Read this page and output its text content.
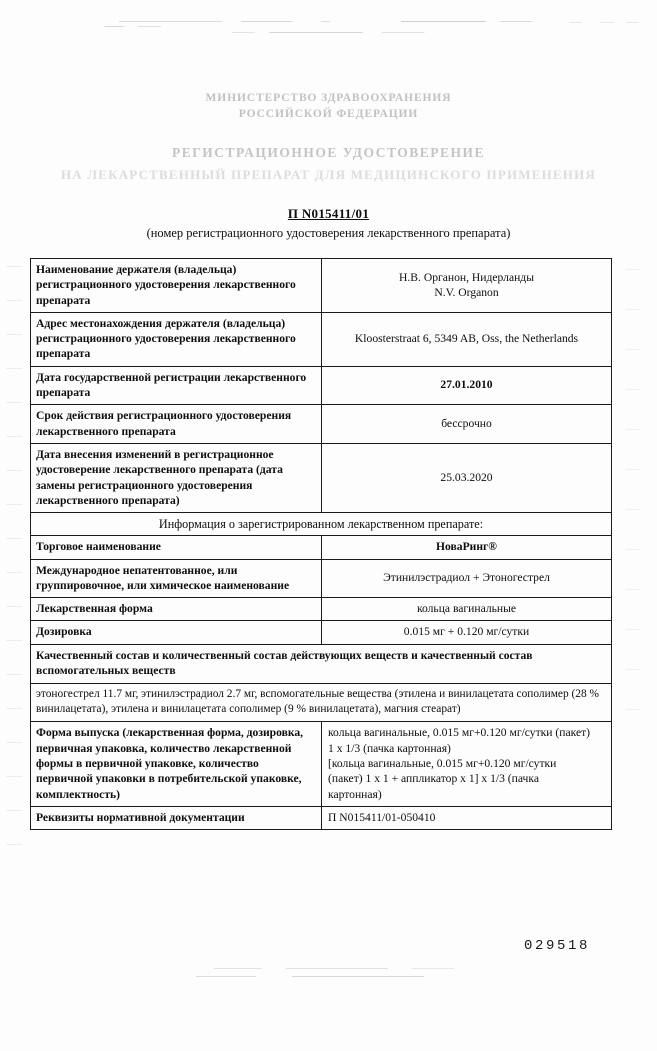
МИНИСТЕРСТВО ЗДРАВООХРАНЕНИЯ
РОССИЙСКОЙ ФЕДЕРАЦИИ
РЕГИСТРАЦИОННОЕ УДОСТОВЕРЕНИЕ
НА ЛЕКАРСТВЕННЫЙ ПРЕПАРАТ ДЛЯ МЕДИЦИНСКОГО ПРИМЕНЕНИЯ
П N015411/01
(номер регистрационного удостоверения лекарственного препарата)
Наименование держателя (владельца) регистрационного удостоверения лекарственного препарата	Н.В. Органон, Нидерланды
N.V. Organon

Адрес местонахождения держателя (владельца) регистрационного удостоверения лекарственного препарата	Kloosterstraat 6, 5349 AB, Oss, the Netherlands
Дата государственной регистрации лекарственного препарата	27.01.2010
Срок действия регистрационного удостоверения лекарственного препарата	бессрочно
Дата внесения изменений в регистрационное удостоверение лекарственного препарата (дата замены регистрационного удостоверения лекарственного препарата)	25.03.2020
Информация о зарегистрированном лекарственном препарате:	
Торговое наименование	НоваРинг®
Международное непатентованное, или группировочное, или химическое наименование	Этинилэстрадиол + Этоногестрел
Лекарственная форма	кольца вагинальные
Дозировка	0.015 мг + 0.120 мг/сутки
Качественный состав и количественный состав действующих веществ и качественный состав вспомогательных веществ	
этоногестрел 11.7 мг, этинилэстрадиол 2.7 мг, вспомогательные вещества (этилена и винилацетата сополимер (28 % винилацетата), этилена и винилацетата сополимер (9 % винилацетата), магния стеарат)	
Форма выпуска (лекарственная форма, дозировка, первичная упаковка, количество лекарственной формы в первичной упаковке, количество первичной упаковки в потребительской упаковке, комплектность)	кольца вагинальные, 0.015 мг+0.120 мг/сутки (пакет)
1 x 1/3 (пачка картонная)
[кольца вагинальные, 0.015 мг+0.120 мг/сутки
(пакет) 1 x 1 + аппликатор x 1] x 1/3 (пачка
картонная)

Реквизиты нормативной документации	П N015411/01-050410
029518
